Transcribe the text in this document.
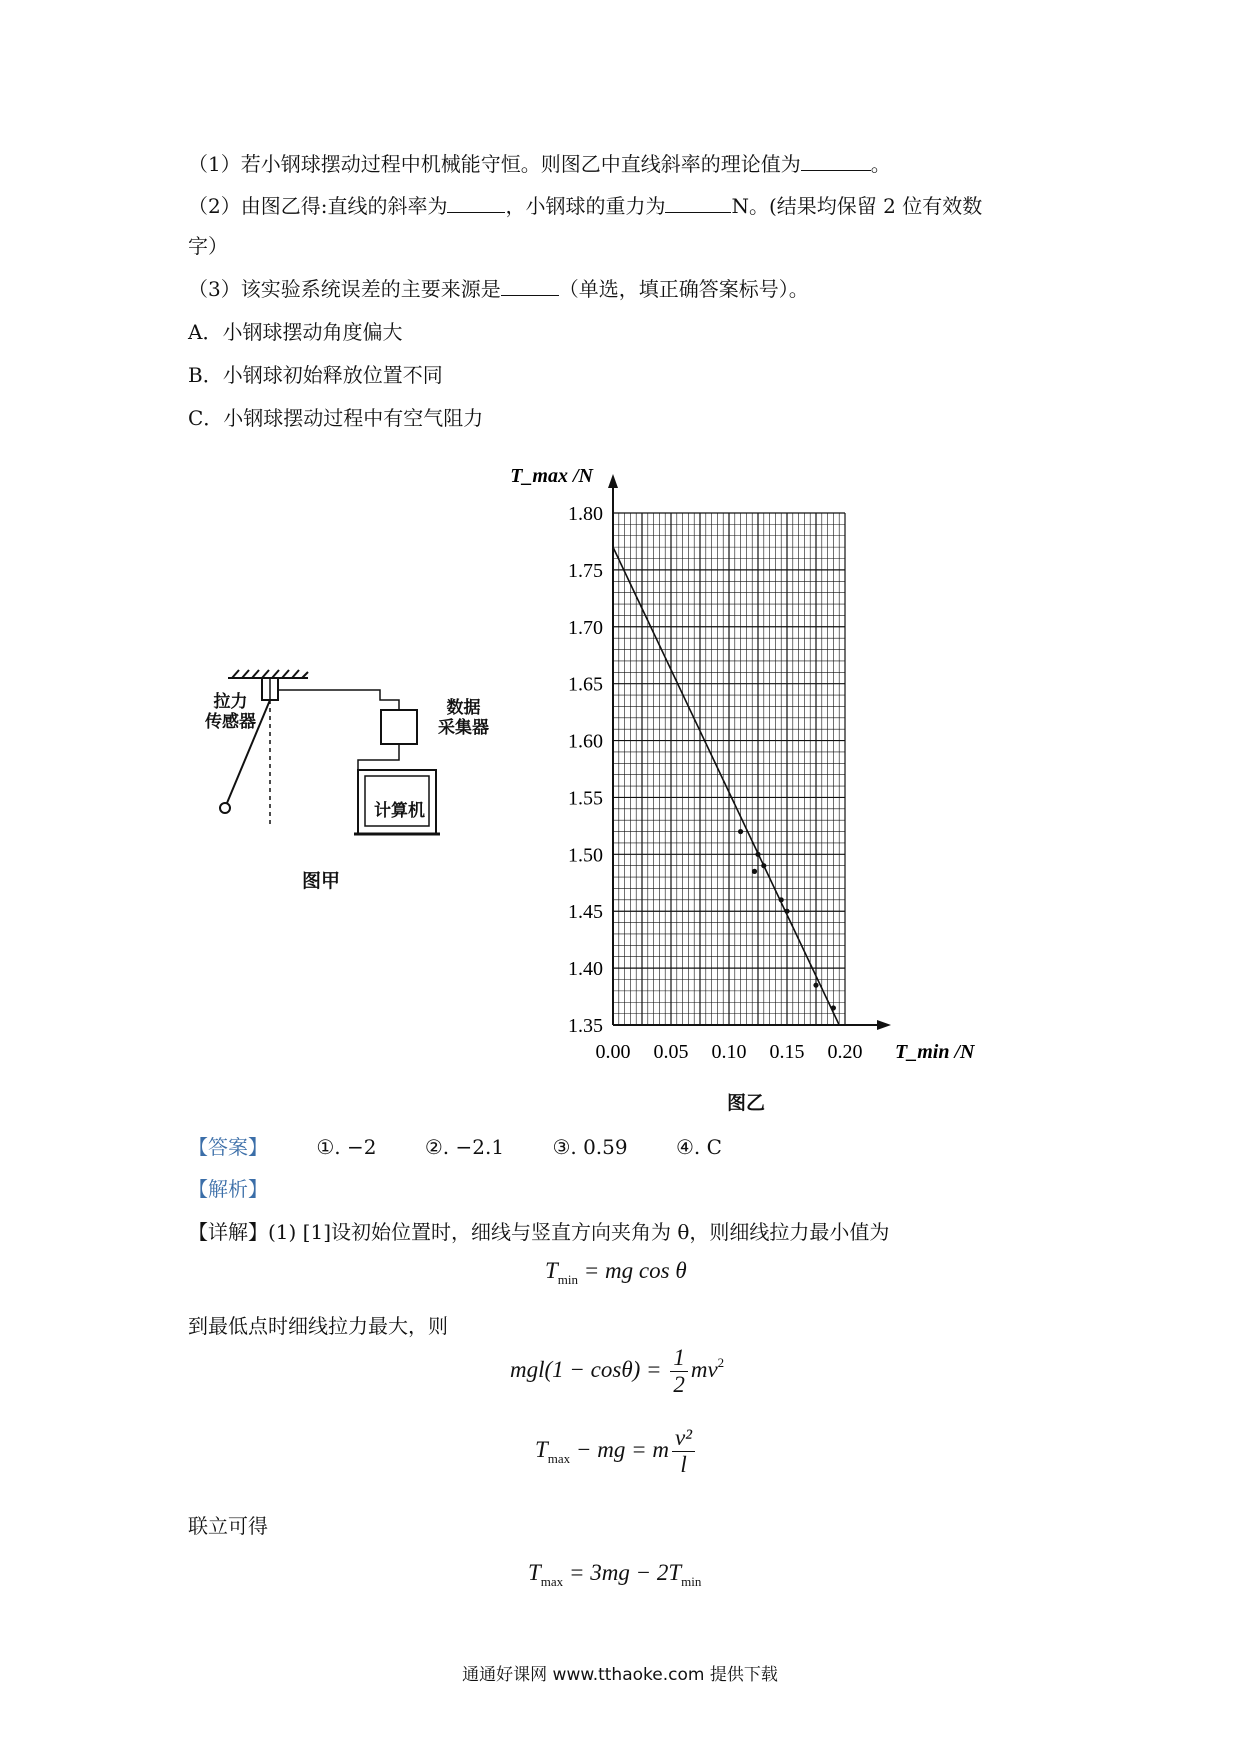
（1）若小钢球摆动过程中机械能守恒。则图乙中直线斜率的理论值为	。
（2）由图乙得:直线的斜率为	，小钢球的重力为	N。(结果均保留 2 位有效数
字）
（3）该实验系统误差的主要来源是	（单选，填正确答案标号）。
A．小钢球摆动角度偏大
B．小钢球初始释放位置不同
C．小钢球摆动过程中有空气阻力
拉力
传感器
数据
采集器
计算机
图甲
1.80
1.75
1.70
1.65
1.60
1.55
1.50
1.45
1.40
1.35
0.00 0.05 0.10 0.15 0.20
T_max /N
T_min /N
图乙
【答案】 ①. −2 ②. −2.1 ③. 0.59 ④. C
【解析】
【详解】(1) [1]设初始位置时，细线与竖直方向夹角为 θ，则细线拉力最小值为
$T_{min}$ = mg cos θ
到最低点时细线拉力最大，则
$mgl(1 - \cos\theta) = \frac{1}{2} mv^2$
$T_{max}$ − mg = m $\frac{\text{v²}}{l}$
联立可得
$T_{max} = 3mg - 2T_{min}$
通通好课网 www.tthaoke.com 提供下载
